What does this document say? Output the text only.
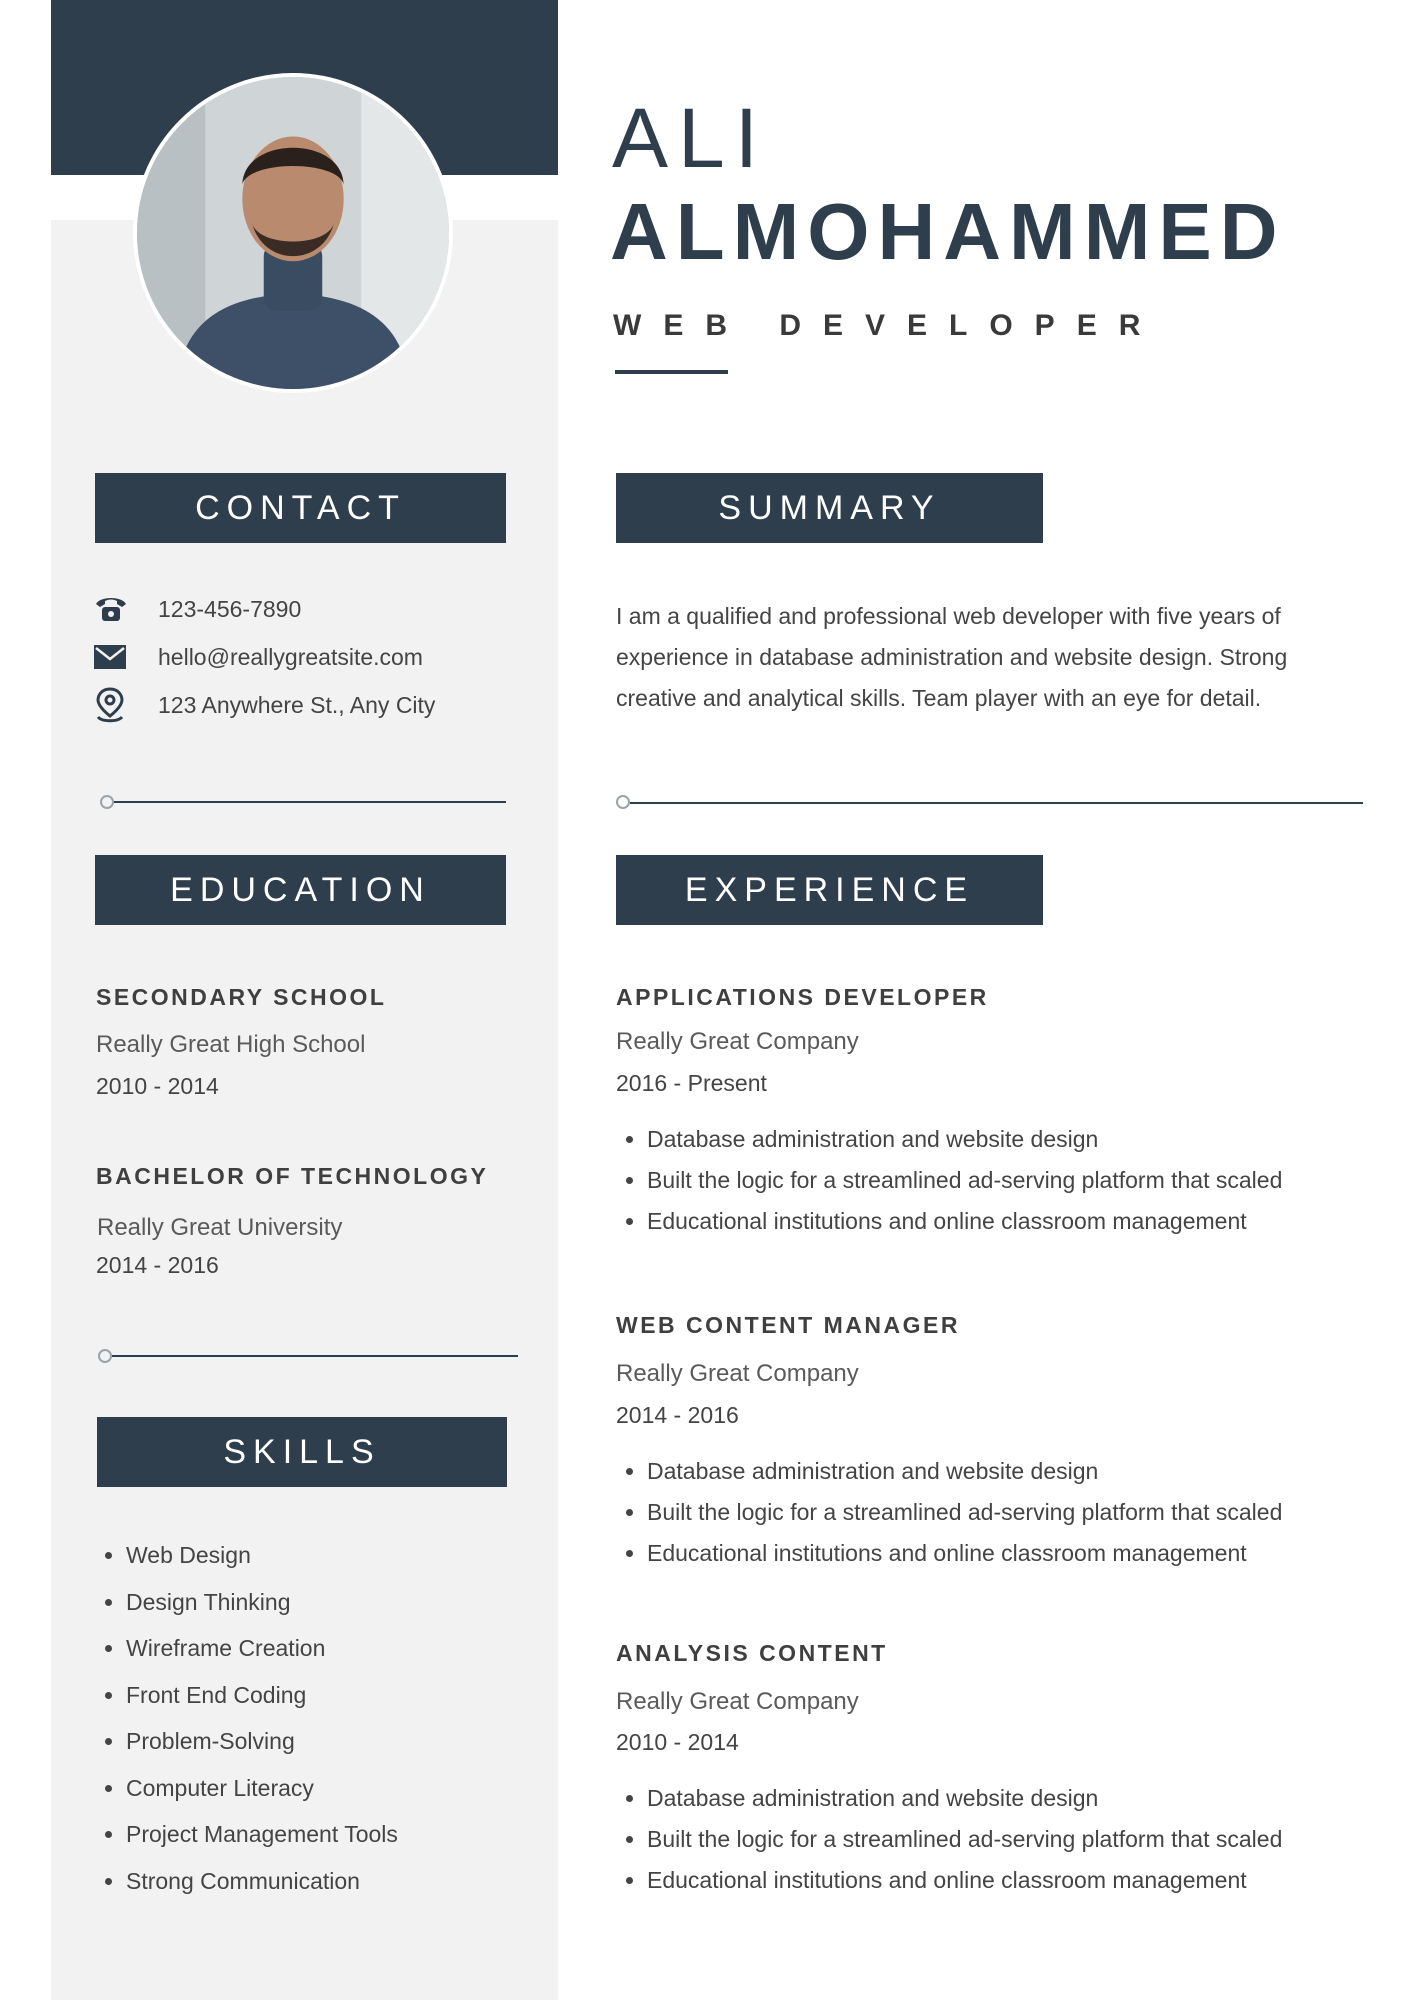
CONTACT
123-456-7890
hello@reallygreatsite.com
123 Anywhere St., Any City
EDUCATION
SECONDARY SCHOOL
Really Great High School
2010 - 2014
BACHELOR OF TECHNOLOGY
Really Great University
2014 - 2016
SKILLS
• Web Design
• Design Thinking
• Wireframe Creation
• Front End Coding
• Problem-Solving
• Computer Literacy
• Project Management Tools
• Strong Communication
ALI
ALMOHAMMED
WEB DEVELOPER
SUMMARY
I am a qualified and professional web developer with five years of
experience in database administration and website design. Strong
creative and analytical skills. Team player with an eye for detail.
EXPERIENCE
APPLICATIONS DEVELOPER
Really Great Company
2016 - Present
• Database administration and website design
• Built the logic for a streamlined ad-serving platform that scaled
• Educational institutions and online classroom management
WEB CONTENT MANAGER
Really Great Company
2014 - 2016
• Database administration and website design
• Built the logic for a streamlined ad-serving platform that scaled
• Educational institutions and online classroom management
ANALYSIS CONTENT
Really Great Company
2010 - 2014
• Database administration and website design
• Built the logic for a streamlined ad-serving platform that scaled
• Educational institutions and online classroom management
